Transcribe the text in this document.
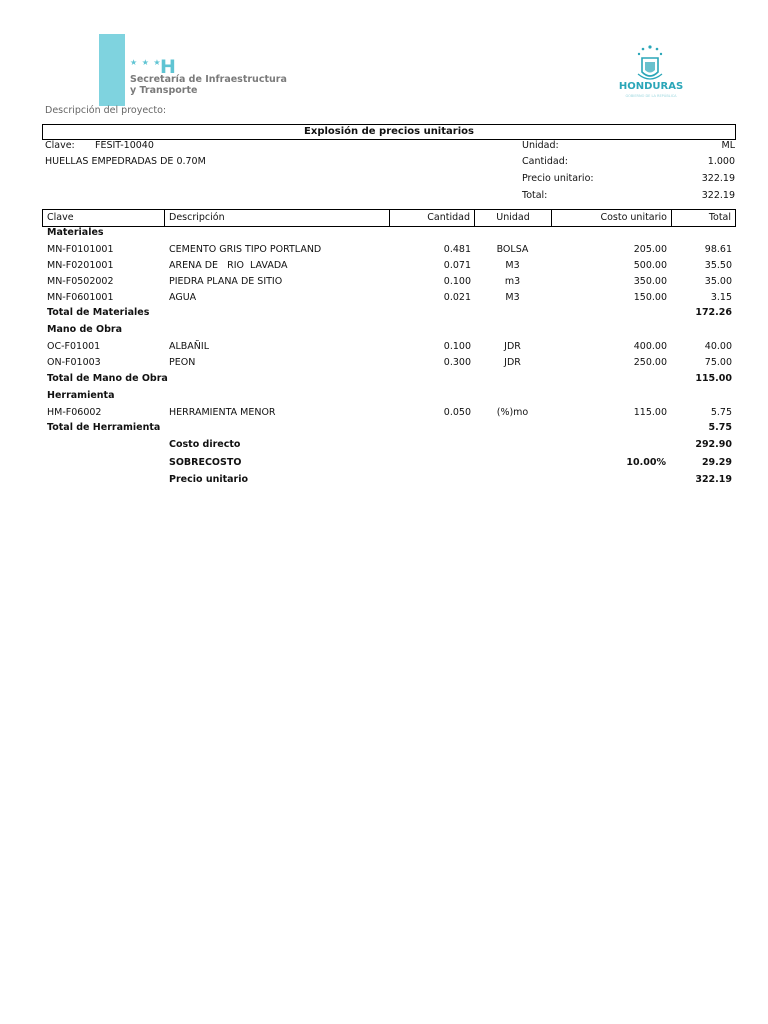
★ ★ ★
H
Secretaría de Infraestructura
y Transporte	HONDURAS
GOBIERNO DE LA REPÚBLICA
Descripción del proyecto:
Explosión de precios unitarios
Clave: FESIT-10040	Unidad:	ML
HUELLAS EMPEDRADAS DE 0.70M	Cantidad:	1.000
Precio unitario:	322.19
Total:	322.19
Clave	Descripción	Cantidad	Unidad	Costo unitario	Total
Materiales
MN-F0101001	CEMENTO GRIS TIPO PORTLAND	0.481	BOLSA	205.00	98.61
MN-F0201001	ARENA DE   RIO  LAVADA	0.071	M3	500.00	35.50
MN-F0502002	PIEDRA PLANA DE SITIO	0.100	m3	350.00	35.00
MN-F0601001	AGUA	0.021	M3	150.00	3.15
Total de Materiales	172.26
Mano de Obra
OC-F01001	ALBAÑIL	0.100	JDR	400.00	40.00
ON-F01003	PEON	0.300	JDR	250.00	75.00
Total de Mano de Obra	115.00
Herramienta
HM-F06002	HERRAMIENTA MENOR	0.050	(%)mo	115.00	5.75
Total de Herramienta	5.75
Costo directo	292.90
SOBRECOSTO	10.00%	29.29
Precio unitario	322.19
